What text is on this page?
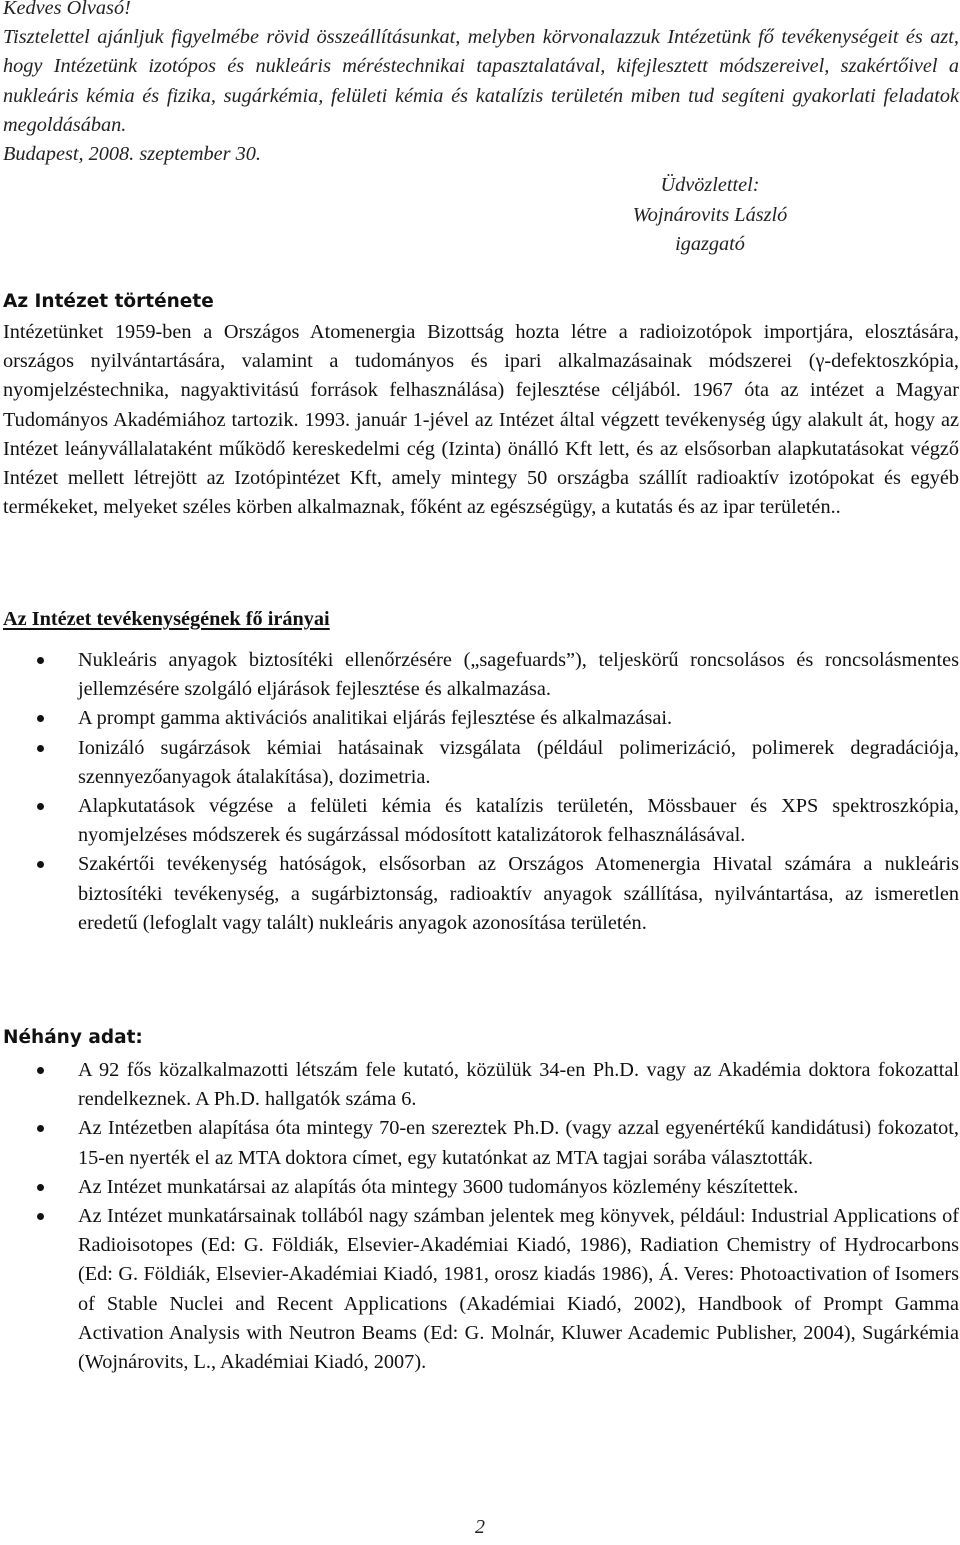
Kedves Olvasó!

Tisztelettel ajánljuk figyelmébe rövid összeállításunkat, melyben körvonalazzuk Intézetünk fő tevékenységeit és azt, hogy Intézetünk izotópos és nukleáris méréstechnikai tapasztalatával, kifejlesztett módszereivel, szakértőivel a nukleáris kémia és fizika, sugárkémia, felületi kémia és katalízis területén miben tud segíteni gyakorlati feladatok megoldásában.

Budapest, 2008. szeptember 30.

Üdvözlettel:
Wojnárovits László
igazgató
Az Intézet története

Intézetünket 1959-ben a Országos Atomenergia Bizottság hozta létre a radioizotópok importjára, elosztására, országos nyilvántartására, valamint a tudományos és ipari alkalmazásainak módszerei (γ-defektoszkópia, nyomjelzéstechnika, nagyaktivitású források felhasználása) fejlesztése céljából. 1967 óta az intézet a Magyar Tudományos Akadémiához tartozik. 1993. január 1-jével az Intézet által végzett tevékenység úgy alakult át, hogy az Intézet leányvállalataként működő kereskedelmi cég (Izinta) önálló Kft lett, és az elsősorban alapkutatásokat végző Intézet mellett létrejött az Izotópintézet Kft, amely mintegy 50 országba szállít radioaktív izotópokat és egyéb termékeket, melyeket széles körben alkalmaznak, főként az egészségügy, a kutatás és az ipar területén..

Az Intézet tevékenységének fő irányai
Nukleáris anyagok biztosítéki ellenőrzésére („sagefuards”), teljeskörű roncsolásos és roncsolásmentes jellemzésére szolgáló eljárások fejlesztése és alkalmazása.
A prompt gamma aktivációs analitikai eljárás fejlesztése és alkalmazásai.
Ionizáló sugárzások kémiai hatásainak vizsgálata (például polimerizáció, polimerek degradációja, szennyezőanyagok átalakítása), dozimetria.
Alapkutatások végzése a felületi kémia és katalízis területén, Mössbauer és XPS spektroszkópia, nyomjelzéses módszerek és sugárzással módosított katalizátorok felhasználásával.
Szakértői tevékenység hatóságok, elsősorban az Országos Atomenergia Hivatal számára a nukleáris biztosítéki tevékenység, a sugárbiztonság, radioaktív anyagok szállítása, nyilvántartása, az ismeretlen eredetű (lefoglalt vagy talált) nukleáris anyagok azonosítása területén.
Néhány adat:
A 92 fős közalkalmazotti létszám fele kutató, közülük 34-en Ph.D. vagy az Akadémia doktora fokozattal rendelkeznek. A Ph.D. hallgatók száma 6.
Az Intézetben alapítása óta mintegy 70-en szereztek Ph.D. (vagy azzal egyenértékű kandidátusi) fokozatot, 15-en nyerték el az MTA doktora címet, egy kutatónkat az MTA tagjai sorába választották.
Az Intézet munkatársai az alapítás óta mintegy 3600 tudományos közlemény készítettek.
Az Intézet munkatársainak tollából nagy számban jelentek meg könyvek, például: Industrial Applications of Radioisotopes (Ed: G. Földiák, Elsevier-Akadémiai Kiadó, 1986), Radiation Chemistry of Hydrocarbons (Ed: G. Földiák, Elsevier-Akadémiai Kiadó, 1981, orosz kiadás 1986), Á. Veres: Photoactivation of Isomers of Stable Nuclei and Recent Applications (Akadémiai Kiadó, 2002), Handbook of Prompt Gamma Activation Analysis with Neutron Beams (Ed: G. Molnár, Kluwer Academic Publisher, 2004), Sugárkémia (Wojnárovits, L., Akadémiai Kiadó, 2007).
2
